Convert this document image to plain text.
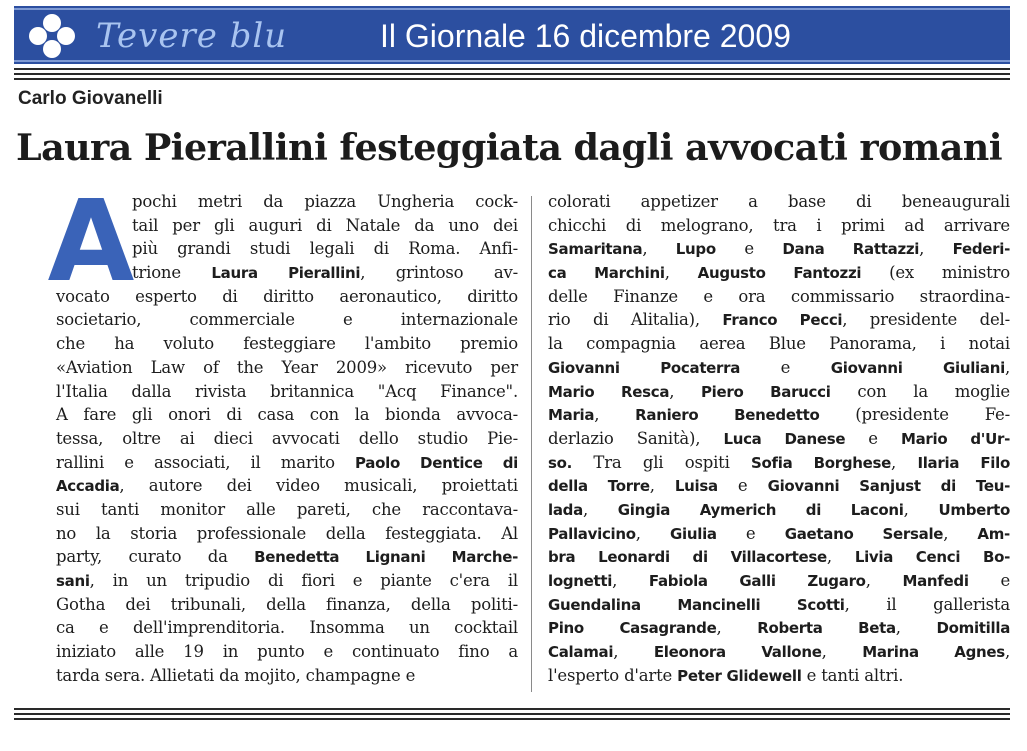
Tevere blu	Il Giornale 16 dicembre 2009
Carlo Giovanelli
Laura Pierallini festeggiata dagli avvocati romani
A
pochi metri da piazza Ungheria cock-
tail per gli auguri di Natale da uno dei
più grandi studi legali di Roma. Anfi-
trione Laura Pierallini, grintoso av-
vocato esperto di diritto aeronautico, diritto
societario, commerciale e internazionale
che ha voluto festeggiare l'ambito premio
«Aviation Law of the Year 2009» ricevuto per
l'Italia dalla rivista britannica "Acq Finance".
A fare gli onori di casa con la bionda avvoca-
tessa, oltre ai dieci avvocati dello studio Pie-
rallini e associati, il marito Paolo Dentice di
Accadia, autore dei video musicali, proiettati
sui tanti monitor alle pareti, che raccontava-
no la storia professionale della festeggiata. Al
party, curato da Benedetta Lignani Marche-
sani, in un tripudio di fiori e piante c'era il
Gotha dei tribunali, della finanza, della politi-
ca e dell'imprenditoria. Insomma un cocktail
iniziato alle 19 in punto e continuato fino a
tarda sera. Allietati da mojito, champagne e
colorati appetizer a base di beneaugurali
chicchi di melograno, tra i primi ad arrivare
Samaritana, Lupo e Dana Rattazzi, Federi-
ca Marchini, Augusto Fantozzi (ex ministro
delle Finanze e ora commissario straordina-
rio di Alitalia), Franco Pecci, presidente del-
la compagnia aerea Blue Panorama, i notai
Giovanni Pocaterra e Giovanni Giuliani,
Mario Resca, Piero Barucci con la moglie
Maria, Raniero Benedetto (presidente Fe-
derlazio Sanità), Luca Danese e Mario d'Ur-
so. Tra gli ospiti Sofia Borghese, Ilaria Filo
della Torre, Luisa e Giovanni Sanjust di Teu-
lada, Gingia Aymerich di Laconi, Umberto
Pallavicino, Giulia e Gaetano Sersale, Am-
bra Leonardi di Villacortese, Livia Cenci Bo-
lognetti, Fabiola Galli Zugaro, Manfedi e
Guendalina Mancinelli Scotti, il gallerista
Pino Casagrande, Roberta Beta, Domitilla
Calamai, Eleonora Vallone, Marina Agnes,
l'esperto d'arte Peter Glidewell e tanti altri.
